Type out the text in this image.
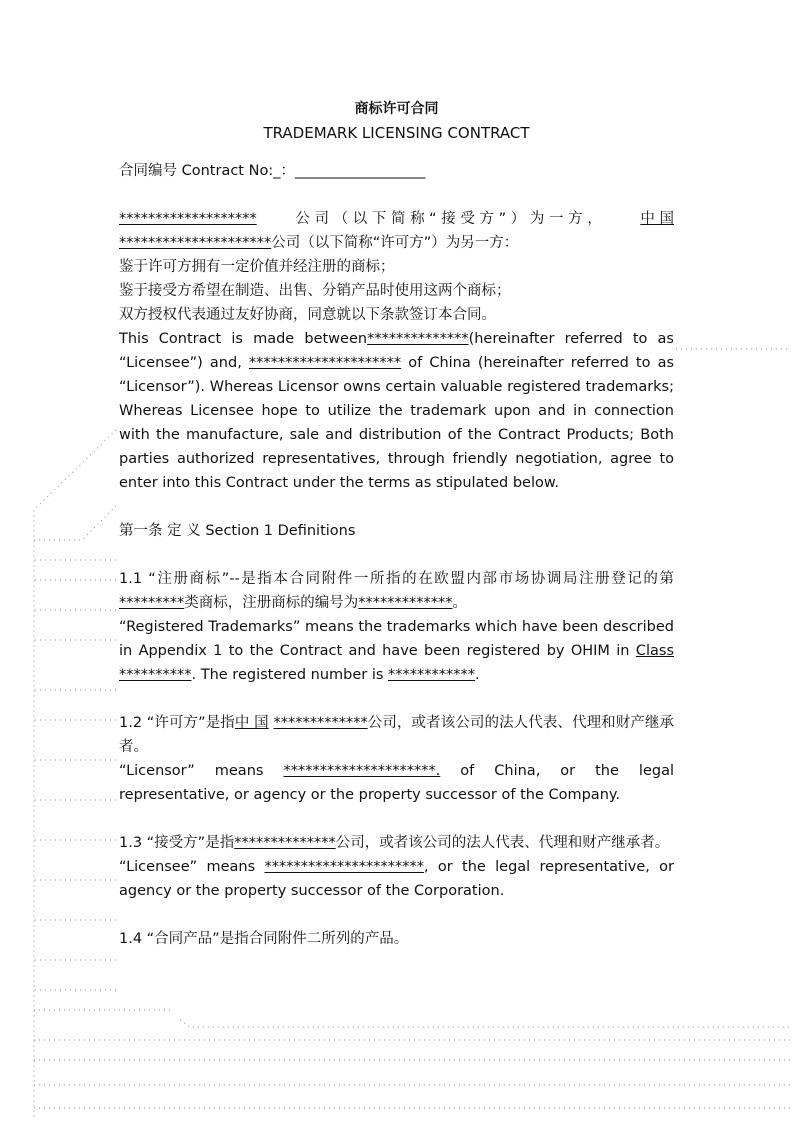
商标许可合同
TRADEMARK LICENSING CONTRACT
合同编号 Contract No:_：__________________
*******************	公 司 （ 以 下 简 称 “ 接 受 方 ” ） 为 一 方 ，	中 国
*********************公司（以下简称“许可方”）为另一方：
鉴于许可方拥有一定价值并经注册的商标；
鉴于接受方希望在制造、出售、分销产品时使用这两个商标；
双方授权代表通过友好协商，同意就以下条款签订本合同。
This Contract is made between**************(hereinafter referred to as “Licensee”) and, ********************* of China (hereinafter referred to as “Licensor”). Whereas Licensor owns certain valuable registered trademarks; Whereas Licensee hope to utilize the trademark upon and in connection with the manufacture, sale and distribution of the Contract Products; Both parties authorized representatives, through friendly negotiation, agree to enter into this Contract under the terms as stipulated below.
第一条 定 义 Section 1 Definitions
1.1 “注册商标”--是指本合同附件一所指的在欧盟内部市场协调局注册登记的第*********类商标，注册商标的编号为*************。
“Registered Trademarks” means the trademarks which have been described in Appendix 1 to the Contract and have been registered by OHIM in Class **********. The registered number is ************.
1.2 “许可方”是指中 国 *************公司，或者该公司的法人代表、代理和财产继承者。
“Licensor” means *********************. of China, or the legal representative, or agency or the property successor of the Company.
1.3 “接受方”是指**************公司，或者该公司的法人代表、代理和财产继承者。
“Licensee” means **********************, or the legal representative, or agency or the property successor of the Corporation.
1.4 “合同产品”是指合同附件二所列的产品。
